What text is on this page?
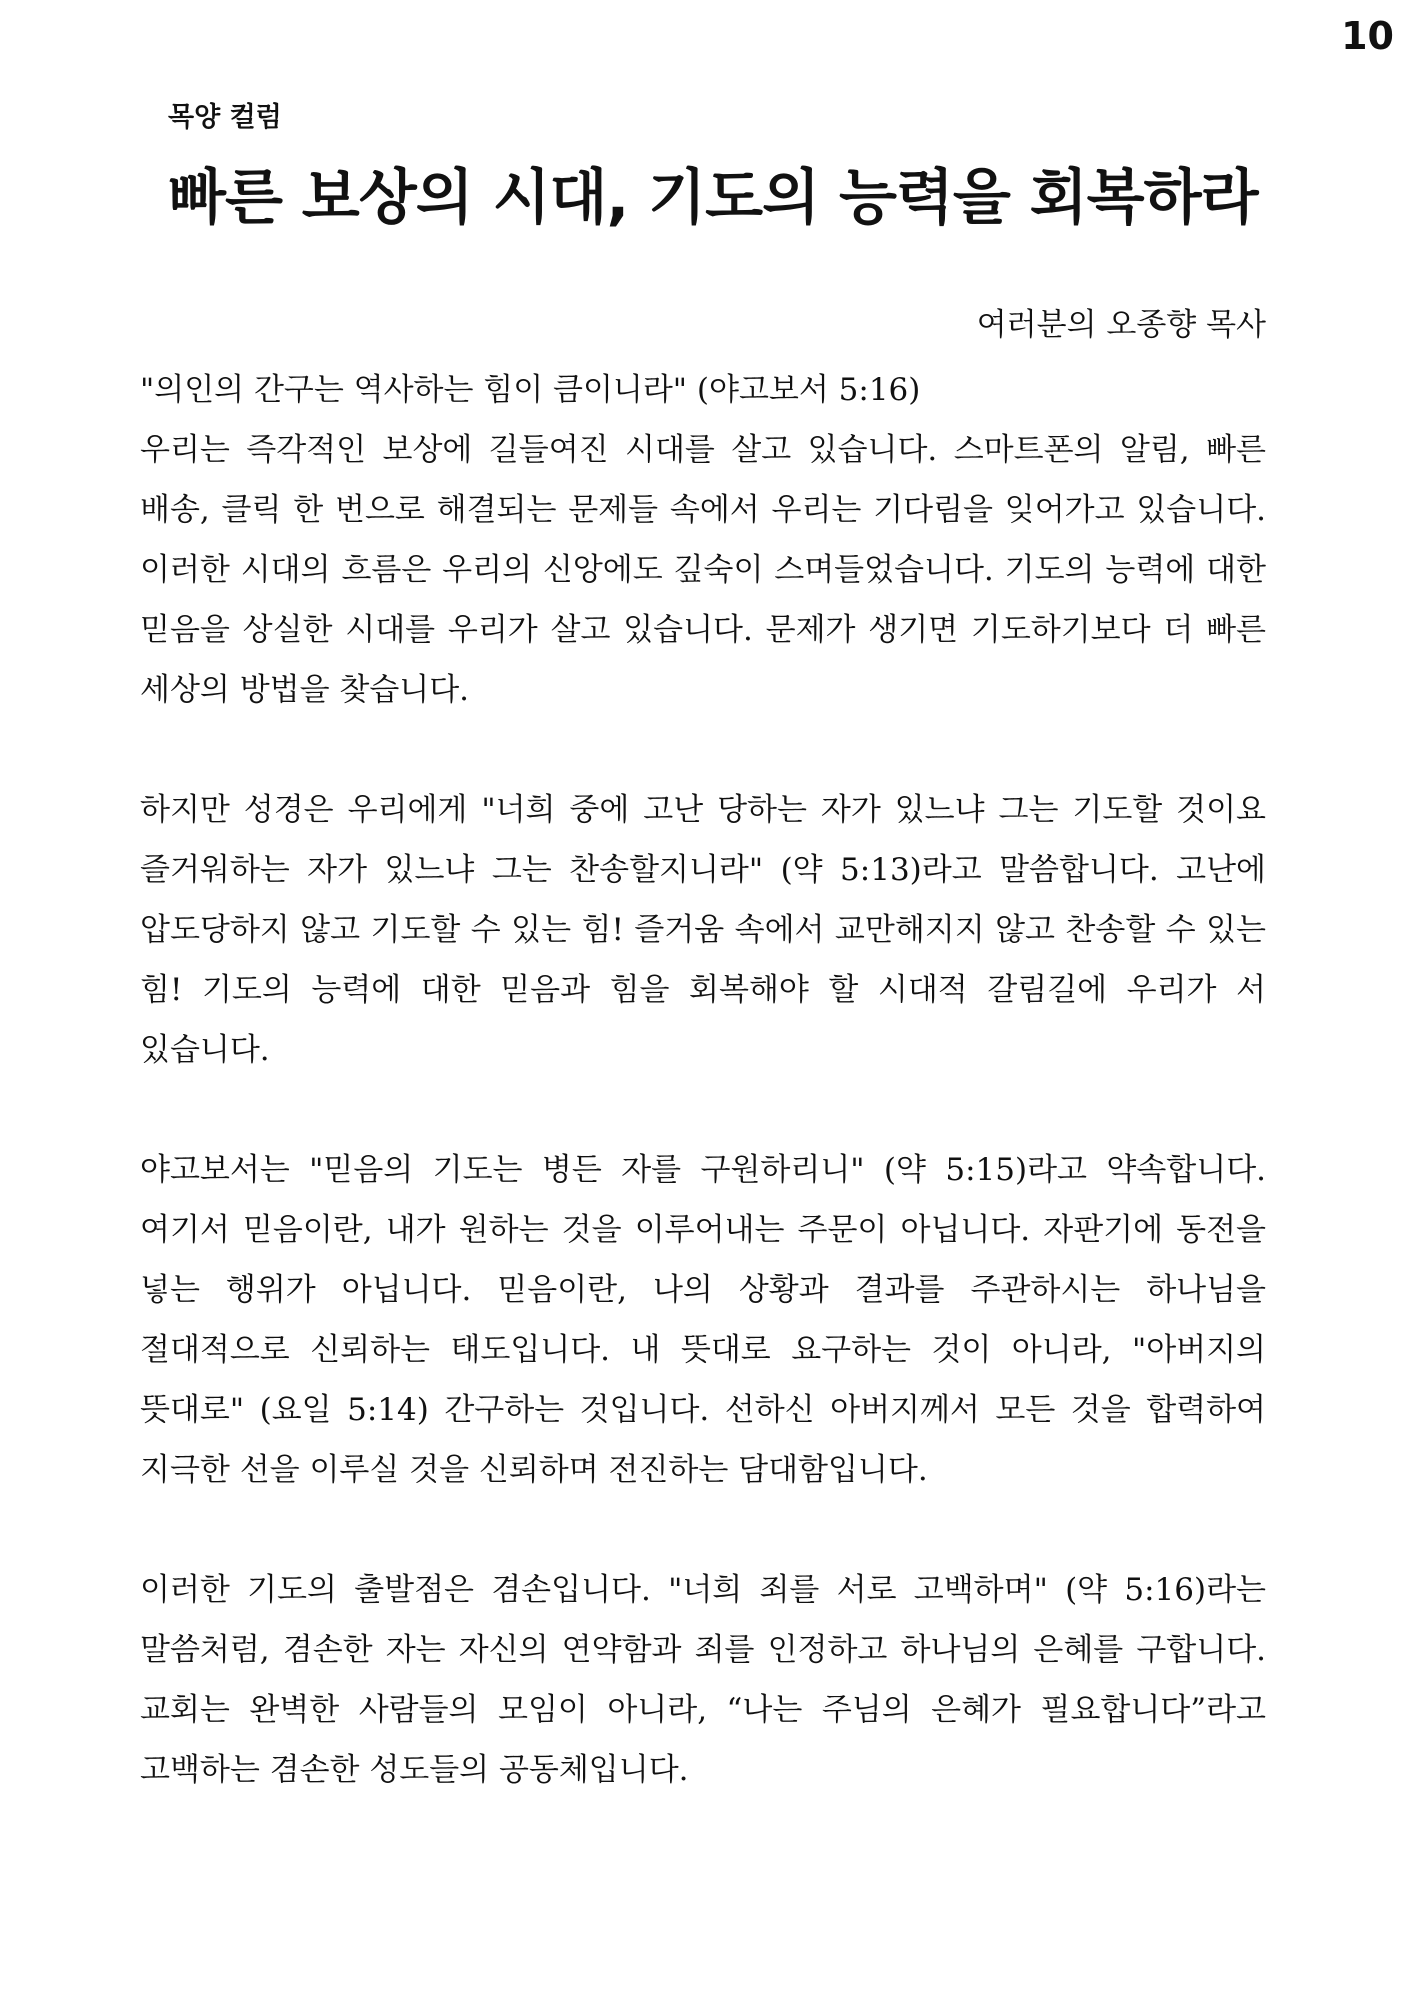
10
목양 컬럼
빠른 보상의 시대, 기도의 능력을 회복하라
여러분의 오종향 목사

"의인의 간구는 역사하는 힘이 큼이니라" (야고보서 5:16)
우리는 즉각적인 보상에 길들여진 시대를 살고 있습니다. 스마트폰의 알림, 빠른 배송, 클릭 한 번으로 해결되는 문제들 속에서 우리는 기다림을 잊어가고 있습니다. 이러한 시대의 흐름은 우리의 신앙에도 깊숙이 스며들었습니다. 기도의 능력에 대한 믿음을 상실한 시대를 우리가 살고 있습니다. 문제가 생기면 기도하기보다 더 빠른 세상의 방법을 찾습니다.

하지만 성경은 우리에게 "너희 중에 고난 당하는 자가 있느냐 그는 기도할 것이요 즐거워하는 자가 있느냐 그는 찬송할지니라" (약 5:13)라고 말씀합니다. 고난에 압도당하지 않고 기도할 수 있는 힘! 즐거움 속에서 교만해지지 않고 찬송할 수 있는 힘! 기도의 능력에 대한 믿음과 힘을 회복해야 할 시대적 갈림길에 우리가 서 있습니다.

야고보서는 "믿음의 기도는 병든 자를 구원하리니" (약 5:15)라고 약속합니다. 여기서 믿음이란, 내가 원하는 것을 이루어내는 주문이 아닙니다. 자판기에 동전을 넣는 행위가 아닙니다. 믿음이란, 나의 상황과 결과를 주관하시는 하나님을 절대적으로 신뢰하는 태도입니다. 내 뜻대로 요구하는 것이 아니라, "아버지의 뜻대로" (요일 5:14) 간구하는 것입니다. 선하신 아버지께서 모든 것을 합력하여 지극한 선을 이루실 것을 신뢰하며 전진하는 담대함입니다.

이러한 기도의 출발점은 겸손입니다. "너희 죄를 서로 고백하며" (약 5:16)라는 말씀처럼, 겸손한 자는 자신의 연약함과 죄를 인정하고 하나님의 은혜를 구합니다. 교회는 완벽한 사람들의 모임이 아니라, “나는 주님의 은혜가 필요합니다”라고 고백하는 겸손한 성도들의 공동체입니다.
